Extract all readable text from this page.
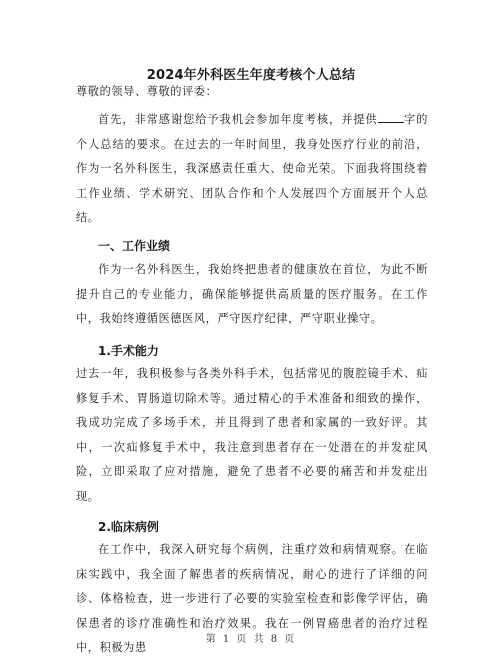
2024年外科医生年度考核个人总结
尊敬的领导、尊敬的评委：
首先，非常感谢您给予我机会参加年度考核，并提供 字的个人总结的要求。在过去的一年时间里，我身处医疗行业的前沿，作为一名外科医生，我深感责任重大、使命光荣。下面我将围绕着工作业绩、学术研究、团队合作和个人发展四个方面展开个人总结。
一、工作业绩
作为一名外科医生，我始终把患者的健康放在首位，为此不断提升自己的专业能力，确保能够提供高质量的医疗服务。在工作中，我始终遵循医德医风，严守医疗纪律，严守职业操守。
1.手术能力
过去一年，我积极参与各类外科手术，包括常见的腹腔镜手术、疝修复手术、胃肠道切除术等。通过精心的手术准备和细致的操作，我成功完成了多场手术，并且得到了患者和家属的一致好评。其中，一次疝修复手术中，我注意到患者存在一处潜在的并发症风险，立即采取了应对措施，避免了患者不必要的痛苦和并发症出现。
2.临床病例
在工作中，我深入研究每个病例，注重疗效和病情观察。在临床实践中，我全面了解患者的疾病情况，耐心的进行了详细的问诊、体格检查，进一步进行了必要的实验室检查和影像学评估，确保患者的诊疗准确性和治疗效果。我在一例胃癌患者的治疗过程中，积极为患
第 1 页 共 8 页
